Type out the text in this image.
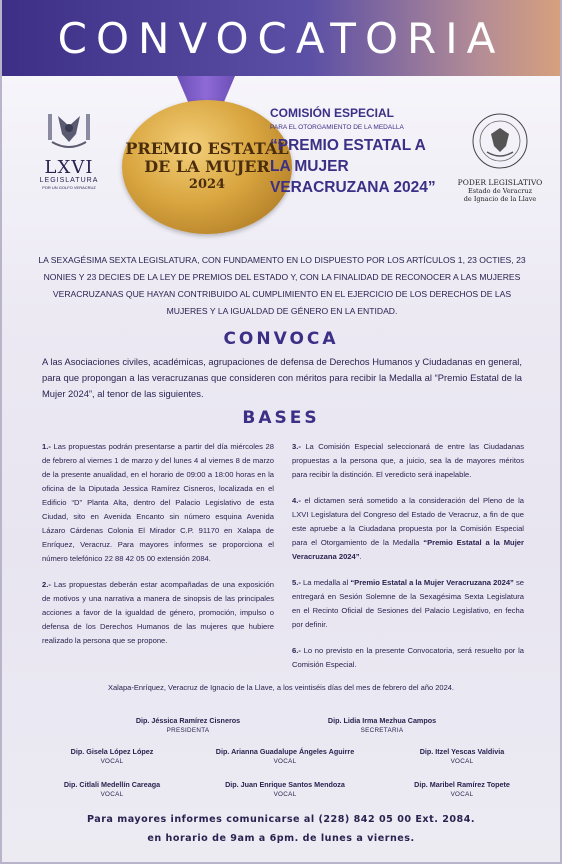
CONVOCATORIA
PREMIO ESTATAL
DE LA MUJER
2024
LXVI
LEGISLATURA
POR UN GOLFO VERACRUZ
COMISIÓN ESPECIAL
PARA EL OTORGAMIENTO DE LA MEDALLA
“PREMIO ESTATAL A LA MUJER VERACRUZANA 2024”	PODER LEGISLATIVO
Estado de Veracruz
de Ignacio de la Llave

LA SEXAGÉSIMA SEXTA LEGISLATURA, CON FUNDAMENTO EN LO DISPUESTO POR LOS ARTÍCULOS 1, 23 OCTIES, 23 NONIES Y 23 DECIES DE LA LEY DE PREMIOS DEL ESTADO Y, CON LA FINALIDAD DE RECONOCER A LAS MUJERES VERACRUZANAS QUE HAYAN CONTRIBUIDO AL CUMPLIMIENTO EN EL EJERCICIO DE LOS DERECHOS DE LAS MUJERES Y LA IGUALDAD DE GÉNERO EN LA ENTIDAD.

CONVOCA

A las Asociaciones civiles, académicas, agrupaciones de defensa de Derechos Humanos y Ciudadanas en general, para que propongan a las veracruzanas que consideren con méritos para recibir la Medalla al “Premio Estatal de la Mujer 2024”, al tenor de las siguientes.

BASES

1.- Las propuestas podrán presentarse a partir del día miércoles 28 de febrero al viernes 1 de marzo y del lunes 4 al viernes 8 de marzo de la presente anualidad, en el horario de 09:00 a 18:00 horas en la oficina de la Diputada Jessica Ramírez Cisneros, localizada en el Edificio “D” Planta Alta, dentro del Palacio Legislativo de esta Ciudad, sito en Avenida Encanto sin número esquina Avenida Lázaro Cárdenas Colonia El Mirador C.P. 91170 en Xalapa de Enríquez, Veracruz. Para mayores informes se proporciona el número telefónico 22 88 42 05 00 extensión 2084.

2.- Las propuestas deberán estar acompañadas de una exposición de motivos y una narrativa a manera de sinopsis de las principales acciones a favor de la igualdad de género, promoción, impulso o defensa de los Derechos Humanos de las mujeres que hubiere realizado la persona que se propone.

3.- La Comisión Especial seleccionará de entre las Ciudadanas propuestas a la persona que, a juicio, sea la de mayores méritos para recibir la distinción. El veredicto será inapelable.

4.- el dictamen será sometido a la consideración del Pleno de la LXVI Legislatura del Congreso del Estado de Veracruz, a fin de que este apruebe a la Ciudadana propuesta por la Comisión Especial para el Otorgamiento de la Medalla “Premio Estatal a la Mujer Veracruzana 2024”.

5.- La medalla al “Premio Estatal a la Mujer Veracruzana 2024” se entregará en Sesión Solemne de la Sexagésima Sexta Legislatura en el Recinto Oficial de Sesiones del Palacio Legislativo, en fecha por definir.

6.- Lo no previsto en la presente Convocatoria, será resuelto por la Comisión Especial.

Xalapa-Enríquez, Veracruz de Ignacio de la Llave, a los veintiséis días del mes de febrero del año 2024.

Dip. Jéssica Ramírez Cisneros
PRESIDENTA
Dip. Lidia Irma Mezhua Campos
SECRETARIA
Dip. Gisela López López
VOCAL
Dip. Arianna Guadalupe Ángeles Aguirre
VOCAL
Dip. Itzel Yescas Valdivia
VOCAL
Dip. Citlali Medellín Careaga
VOCAL
Dip. Juan Enrique Santos Mendoza
VOCAL
Dip. Maribel Ramírez Topete
VOCAL
Para mayores informes comunicarse al (228) 842 05 00 Ext. 2084.
en horario de 9am a 6pm. de lunes a viernes.
